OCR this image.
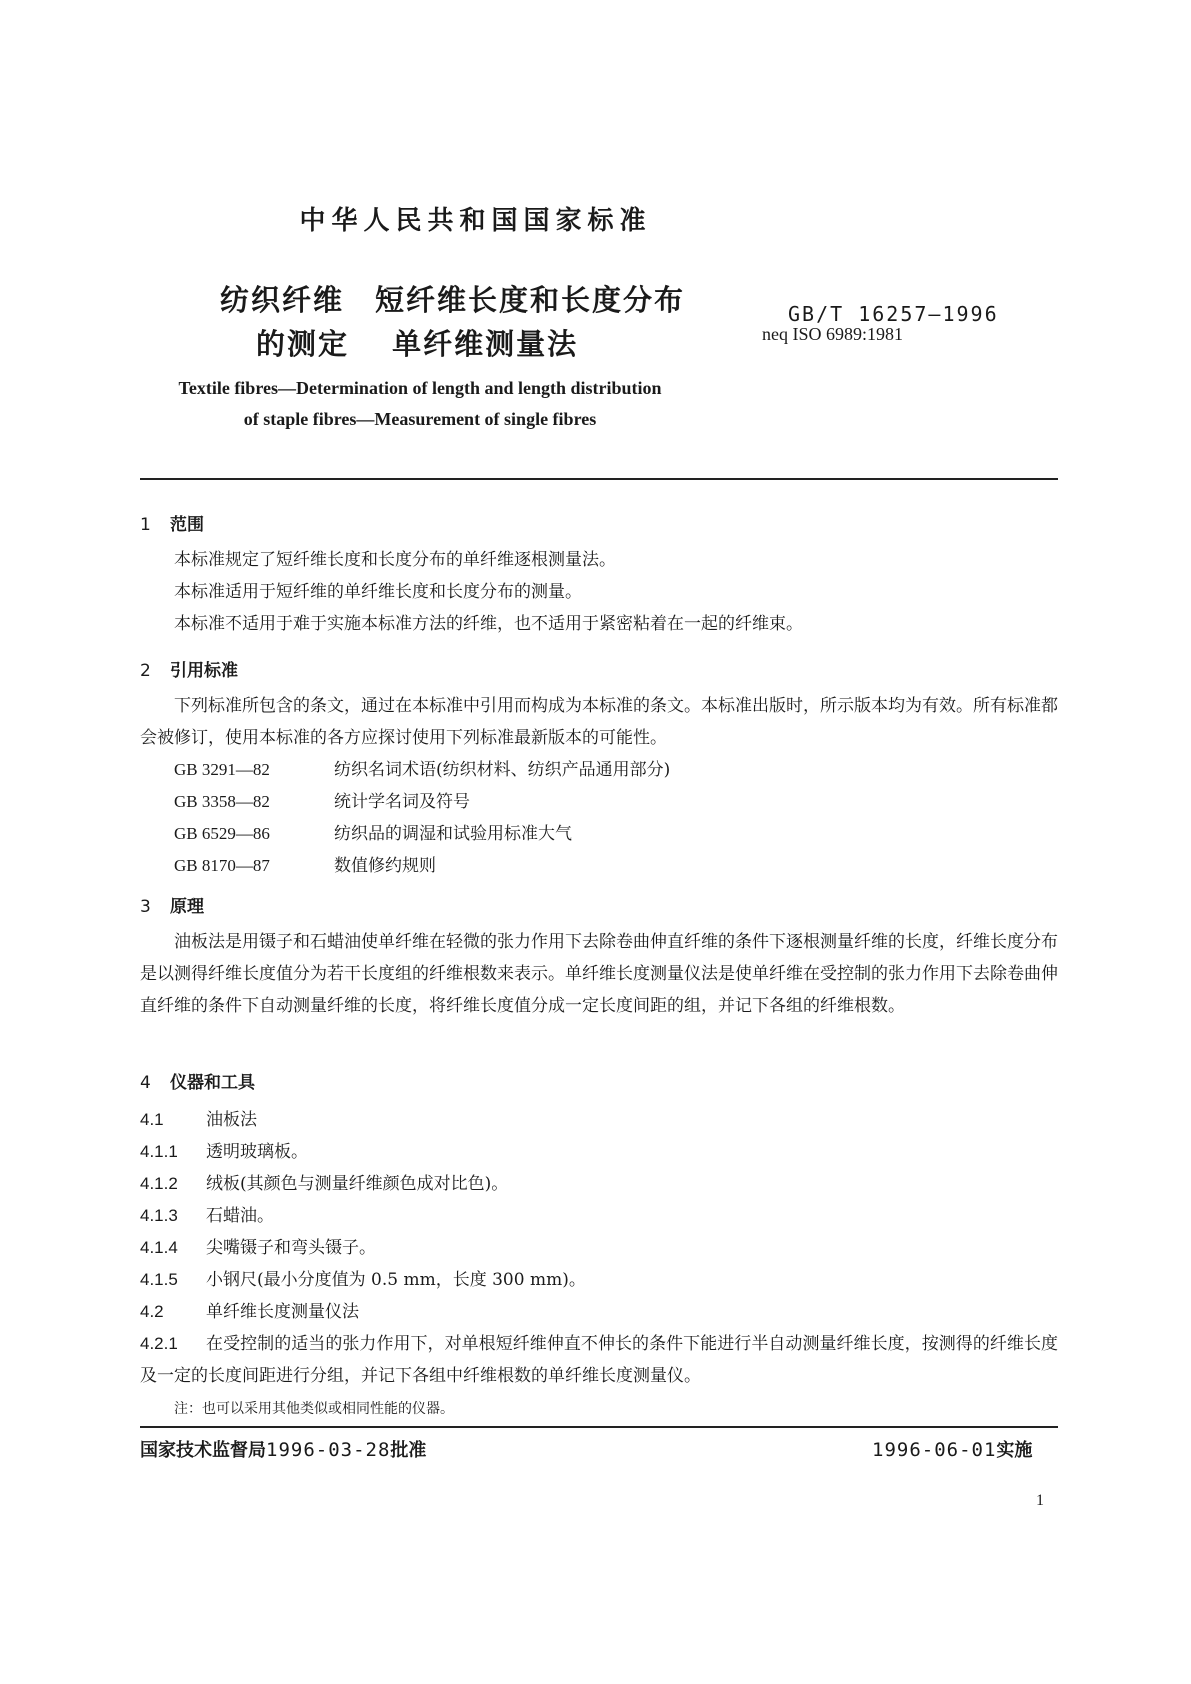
中华人民共和国国家标准
纺织纤维　短纤维长度和长度分布
的测定　 单纤维测量法
GB/T 16257—1996
neq ISO 6989:1981
Textile fibres—Determination of length and length distribution
of staple fibres—Measurement of single fibres
1 范围
本标准规定了短纤维长度和长度分布的单纤维逐根测量法。
本标准适用于短纤维的单纤维长度和长度分布的测量。
本标准不适用于难于实施本标准方法的纤维，也不适用于紧密粘着在一起的纤维束。
2 引用标准
下列标准所包含的条文，通过在本标准中引用而构成为本标准的条文。本标准出版时，所示版本均为有效。所有标准都会被修订，使用本标准的各方应探讨使用下列标准最新版本的可能性。
GB 3291—82	纺织名词术语(纺织材料、纺织产品通用部分)
GB 3358—82	统计学名词及符号
GB 6529—86	纺织品的调湿和试验用标准大气
GB 8170—87	数值修约规则
3 原理
油板法是用镊子和石蜡油使单纤维在轻微的张力作用下去除卷曲伸直纤维的条件下逐根测量纤维的长度，纤维长度分布是以测得纤维长度值分为若干长度组的纤维根数来表示。单纤维长度测量仪法是使单纤维在受控制的张力作用下去除卷曲伸直纤维的条件下自动测量纤维的长度，将纤维长度值分成一定长度间距的组，并记下各组的纤维根数。
4 仪器和工具
4.1 油板法
4.1.1 透明玻璃板。
4.1.2 绒板(其颜色与测量纤维颜色成对比色)。
4.1.3 石蜡油。
4.1.4 尖嘴镊子和弯头镊子。
4.1.5 小钢尺(最小分度值为 0.5 mm，长度 300 mm)。
4.2 单纤维长度测量仪法
4.2.1 在受控制的适当的张力作用下，对单根短纤维伸直不伸长的条件下能进行半自动测量纤维长度，按测得的纤维长度及一定的长度间距进行分组，并记下各组中纤维根数的单纤维长度测量仪。
注：也可以采用其他类似或相同性能的仪器。
国家技术监督局1996-03-28批准	1996-06-01实施
1
